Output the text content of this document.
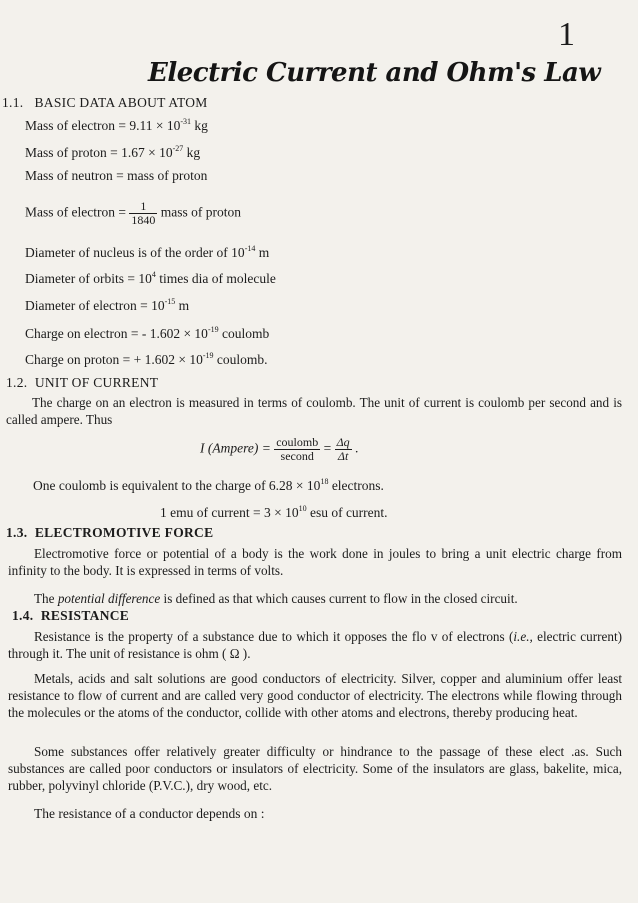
1
Electric Current and Ohm's Law
1.1. BASIC DATA ABOUT ATOM
Mass of electron = $9.11 \times 10^{-31}$ kg
Mass of proton = $1.67 \times 10^{-27}$ kg
Mass of neutron = mass of proton
Mass of electron = $\frac{1}{1840}$ mass of proton
Diameter of nucleus is of the order of $10^{-14}$ m
Diameter of orbits = $10^4$ times dia of molecule
Diameter of electron = $10^{-15}$ m
Charge on electron = - $1.602 \times 10^{-19}$ coulomb
Charge on proton = + $1.602 \times 10^{-19}$ coulomb.
1.2. UNIT OF CURRENT
The charge on an electron is measured in terms of coulomb. The unit of current is coulomb per second and is called ampere. Thus
I (Ampere) = $\frac{\text{coulomb}}{\text{second}} = \frac{\Delta q}{\Delta t}$ .
One coulomb is equivalent to the charge of $6.28 \times 10^{18}$ electrons.
1 emu of current = $3 \times 10^{10}$ esu of current.
1.3. ELECTROMOTIVE FORCE
Electromotive force or potential of a body is the work done in joules to bring a unit electric charge from infinity to the body. It is expressed in terms of volts.
The potential difference is defined as that which causes current to flow in the closed circuit.
1.4. RESISTANCE
Resistance is the property of a substance due to which it opposes the flo v of electrons (i.e., electric current) through it. The unit of resistance is ohm ( Ω ).
Metals, acids and salt solutions are good conductors of electricity. Silver, copper and aluminium offer least resistance to flow of current and are called very good conductor of electricity. The electrons while flowing through the molecules or the atoms of the conductor, collide with other atoms and electrons, thereby producing heat.
Some substances offer relatively greater difficulty or hindrance to the passage of these elect .as. Such substances are called poor conductors or insulators of electricity. Some of the insulators are glass, bakelite, mica, rubber, polyvinyl chloride (P.V.C.), dry wood, etc.
The resistance of a conductor depends on :
